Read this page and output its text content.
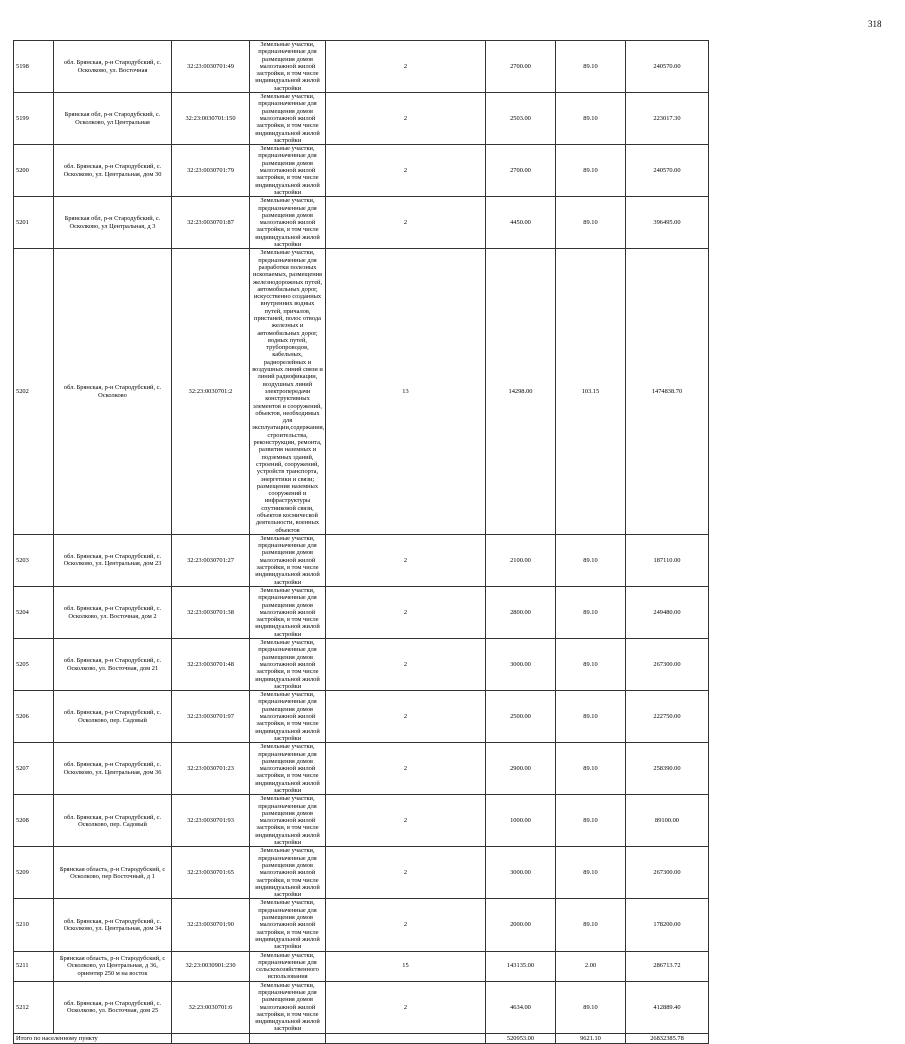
318
5198	обл. Брянская, р-н Стародубский, с. Осколково, ул. Восточная	32:23:0030701:49	Земельные участки, предназначенные для размещения домов малоэтажной жилой застройки, в том числе индивидуальной жилой застройки	2	2700.00	89.10	240570.00
5199	Брянская обл, р-н Стародубский, с. Осколково, ул Центральная	32:23:0030701:150	Земельные участки, предназначенные для размещения домов малоэтажной жилой застройки, в том числе индивидуальной жилой застройки	2	2503.00	89.10	223017.30
5200	обл. Брянская, р-н Стародубский, с. Осколково, ул. Центральная, дом 30	32:23:0030701:79	Земельные участки, предназначенные для размещения домов малоэтажной жилой застройки, в том числе индивидуальной жилой застройки	2	2700.00	89.10	240570.00
5201	Брянская обл, р-н Стародубский, с. Осколково, ул Центральная, д 3	32:23:0030701:87	Земельные участки, предназначенные для размещения домов малоэтажной жилой застройки, в том числе индивидуальной жилой застройки	2	4450.00	89.10	396495.00
5202	обл. Брянская, р-н Стародубский, с. Осколково	32:23:0030701:2	Земельные участки, предназначенные для разработки полезных ископаемых, размещения железнодорожных путей, автомобильных дорог, искусственно созданных внутренних водных путей, причалов, пристаней, полос отвода железных и автомобильных дорог, водных путей, трубопроводов, кабельных, радиорелейных и воздушных линий связи и линий радиофикации, воздушных линий электропередачи конструктивных элементов и сооружений, объектов, необходимых для эксплуатации,содержания, строительства, реконструкции, ремонта, развития наземных и подземных зданий, строений, сооружений, устройств транспорта, энергетики и связи; размещения наземных сооружений и инфраструктуры спутниковой связи, объектов космической деятельности, военных объектов	13	14298.00	103.15	1474838.70
5203	обл. Брянская, р-н Стародубский, с. Осколково, ул. Центральная, дом 23	32:23:0030701:27	Земельные участки, предназначенные для размещения домов малоэтажной жилой застройки, в том числе индивидуальной жилой застройки	2	2100.00	89.10	187110.00
5204	обл. Брянская, р-н Стародубский, с. Осколково, ул. Восточная, дом 2	32:23:0030701:38	Земельные участки, предназначенные для размещения домов малоэтажной жилой застройки, в том числе индивидуальной жилой застройки	2	2800.00	89.10	249480.00
5205	обл. Брянская, р-н Стародубский, с. Осколково, ул. Восточная, дом 21	32:23:0030701:48	Земельные участки, предназначенные для размещения домов малоэтажной жилой застройки, в том числе индивидуальной жилой застройки	2	3000.00	89.10	267300.00
5206	обл. Брянская, р-н Стародубский, с. Осколково, пер. Садовый	32:23:0030701:97	Земельные участки, предназначенные для размещения домов малоэтажной жилой застройки, в том числе индивидуальной жилой застройки	2	2500.00	89.10	222750.00
5207	обл. Брянская, р-н Стародубский, с. Осколково, ул. Центральная, дом 36	32:23:0030701:23	Земельные участки, предназначенные для размещения домов малоэтажной жилой застройки, в том числе индивидуальной жилой застройки	2	2900.00	89.10	258390.00
5208	обл. Брянская, р-н Стародубский, с. Осколково, пер. Садовый	32:23:0030701:93	Земельные участки, предназначенные для размещения домов малоэтажной жилой застройки, в том числе индивидуальной жилой застройки	2	1000.00	89.10	89100.00
5209	Брянская область, р-н Стародубский, с Осколково, пер Восточный, д 1	32:23:0030701:65	Земельные участки, предназначенные для размещения домов малоэтажной жилой застройки, в том числе индивидуальной жилой застройки	2	3000.00	89.10	267300.00
5210	обл. Брянская, р-н Стародубский, с. Осколково, ул. Центральная, дом 34	32:23:0030701:90	Земельные участки, предназначенные для размещения домов малоэтажной жилой застройки, в том числе индивидуальной жилой застройки	2	2000.00	89.10	178200.00
5211	Брянская область, р-н Стародубский, с Осколково, ул Центральная, д 36, ориентир 250 м на восток	32:23:0030901:230	Земельные участки, предназначенные для сельскохозяйственного использования	15	143135.00	2.00	286713.72
5212	обл. Брянская, р-н Стародубский, с. Осколково, ул. Восточная, дом 25	32:23:0030701:6	Земельные участки, предназначенные для размещения домов малоэтажной жилой застройки, в том числе индивидуальной жилой застройки	2	4634.00	89.10	412889.40
Итого по населенному пункту					520953.00	9621.10	26832385.78
